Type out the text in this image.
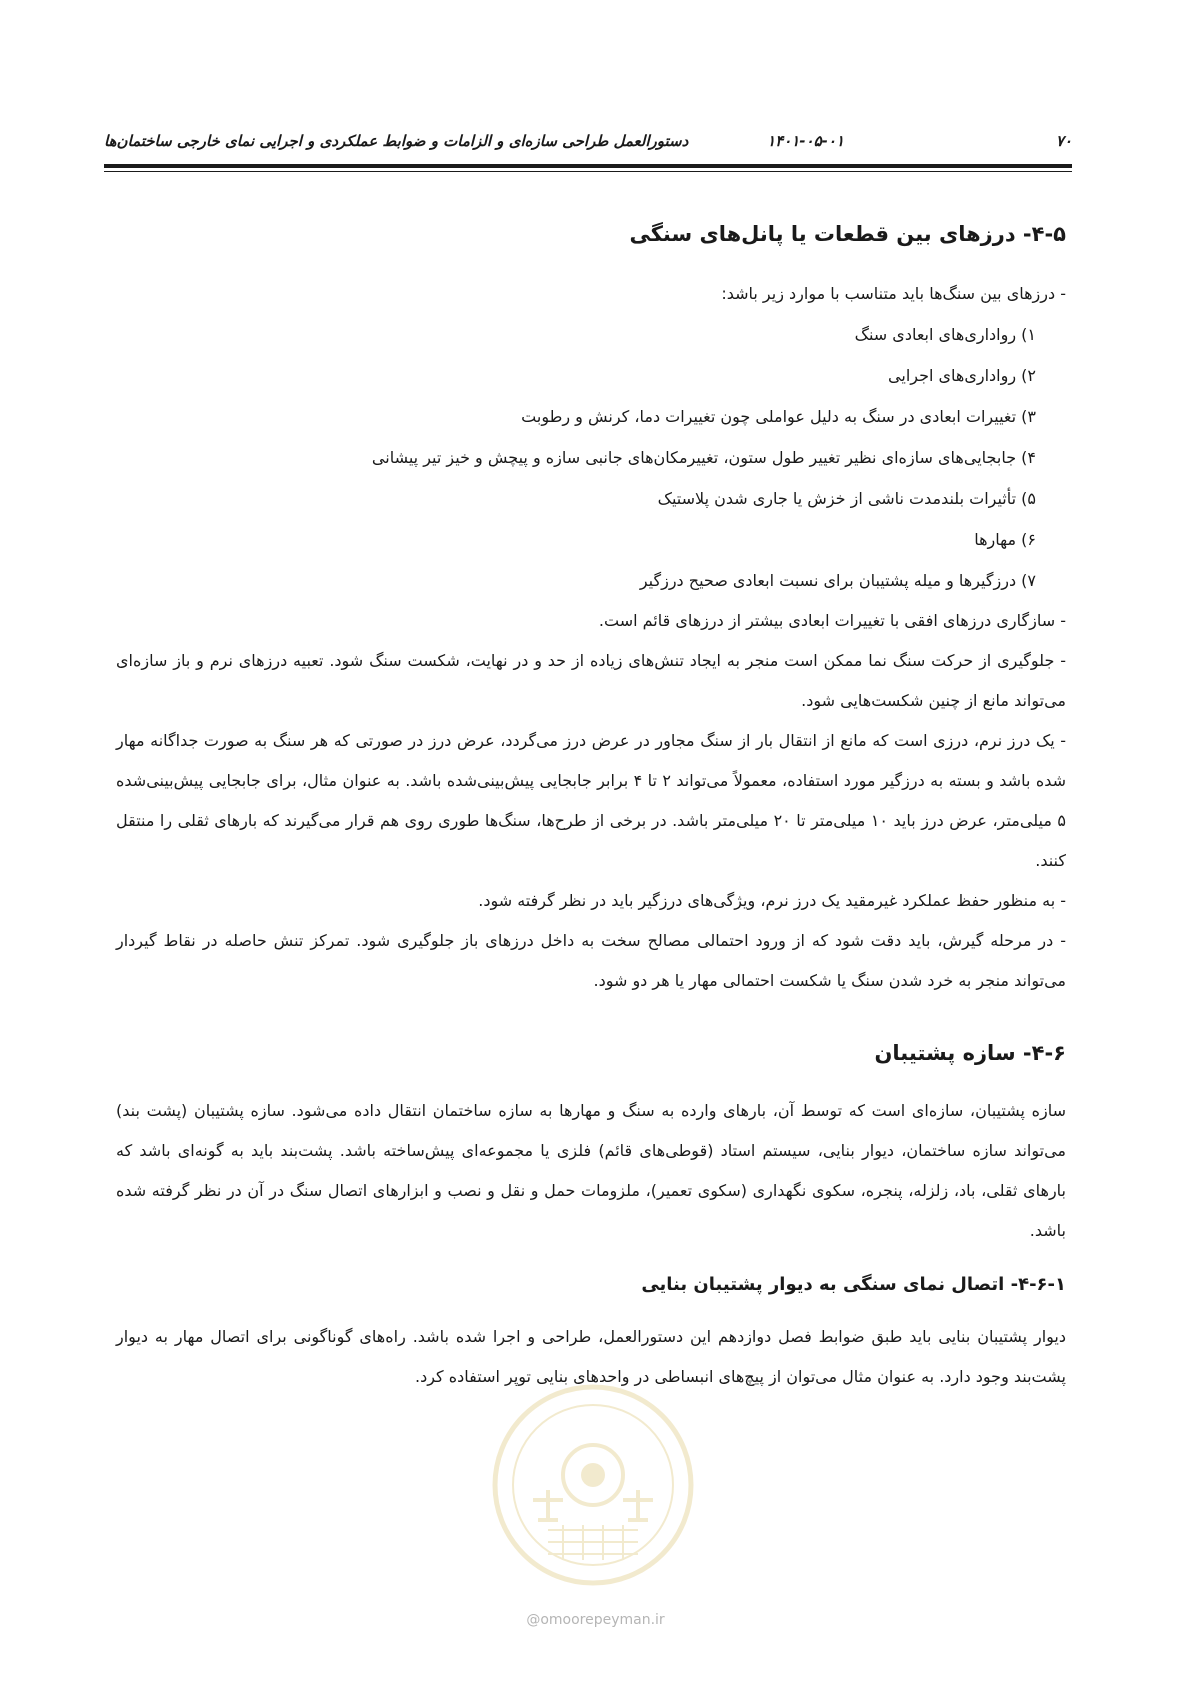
۷۰
۱۴۰۱-۰۵-۰۱
دستورالعمل طراحی سازه‌ای و الزامات و ضوابط عملکردی و اجرایی نمای خارجی ساختمان‌ها
۴-۵- درزهای بین قطعات یا پانل‌های سنگی

- درزهای بین سنگ‌ها باید متناسب با موارد زیر باشد:

۱) رواداری‌های ابعادی سنگ
۲) رواداری‌های اجرایی
۳) تغییرات ابعادی در سنگ به دلیل عواملی چون تغییرات دما، کرنش و رطوبت
۴) جابجایی‌های سازه‌ای نظیر تغییر طول ستون، تغییرمکان‌های جانبی سازه و پیچش و خیز تیر پیشانی
۵) تأثیرات بلندمدت ناشی از خزش یا جاری شدن پلاستیک
۶) مهارها
۷) درزگیرها و میله پشتیبان برای نسبت ابعادی صحیح درزگیر

- سازگاری درزهای افقی با تغییرات ابعادی بیشتر از درزهای قائم است.

- جلوگیری از حرکت سنگ نما ممکن است منجر به ایجاد تنش‌های زیاده از حد و در نهایت، شکست سنگ شود. تعبیه درزهای نرم و باز سازه‌ای می‌تواند مانع از چنین شکست‌هایی شود.

- یک درز نرم، درزی است که مانع از انتقال بار از سنگ مجاور در عرض درز می‌گردد، عرض درز در صورتی که هر سنگ به صورت جداگانه مهار شده باشد و بسته به درزگیر مورد استفاده، معمولاً می‌تواند ۲ تا ۴ برابر جابجایی پیش‌بینی‌شده باشد. به عنوان مثال، برای جابجایی پیش‌بینی‌شده ۵ میلی‌متر، عرض درز باید ۱۰ میلی‌متر تا ۲۰ میلی‌متر باشد. در برخی از طرح‌ها، سنگ‌ها طوری روی هم قرار می‌گیرند که بارهای ثقلی را منتقل کنند.

- به منظور حفظ عملکرد غیرمقید یک درز نرم، ویژگی‌های درزگیر باید در نظر گرفته شود.

- در مرحله گیرش، باید دقت شود که از ورود احتمالی مصالح سخت به داخل درزهای باز جلوگیری شود. تمرکز تنش حاصله در نقاط گیردار می‌تواند منجر به خرد شدن سنگ یا شکست احتمالی مهار یا هر دو شود.

۴-۶- سازه پشتیبان

سازه پشتیبان، سازه‌ای است که توسط آن، بارهای وارده به سنگ و مهارها به سازه ساختمان انتقال داده می‌شود. سازه پشتیبان (پشت بند) می‌تواند سازه ساختمان، دیوار بنایی، سیستم استاد (قوطی‌های قائم) فلزی یا مجموعه‌ای پیش‌ساخته باشد. پشت‌بند باید به گونه‌ای باشد که بارهای ثقلی، باد، زلزله، پنجره، سکوی نگهداری (سکوی تعمیر)، ملزومات حمل و نقل و نصب و ابزارهای اتصال سنگ در آن در نظر گرفته شده باشد.

۴-۶-۱- اتصال نمای سنگی به دیوار پشتیبان بنایی

دیوار پشتیبان بنایی باید طبق ضوابط فصل دوازدهم این دستورالعمل، طراحی و اجرا شده باشد. راه‌های گوناگونی برای اتصال مهار به دیوار پشت‌بند وجود دارد. به عنوان مثال می‌توان از پیچ‌های انبساطی در واحدهای بنایی توپر استفاده کرد.

@omoorepeyman.ir
